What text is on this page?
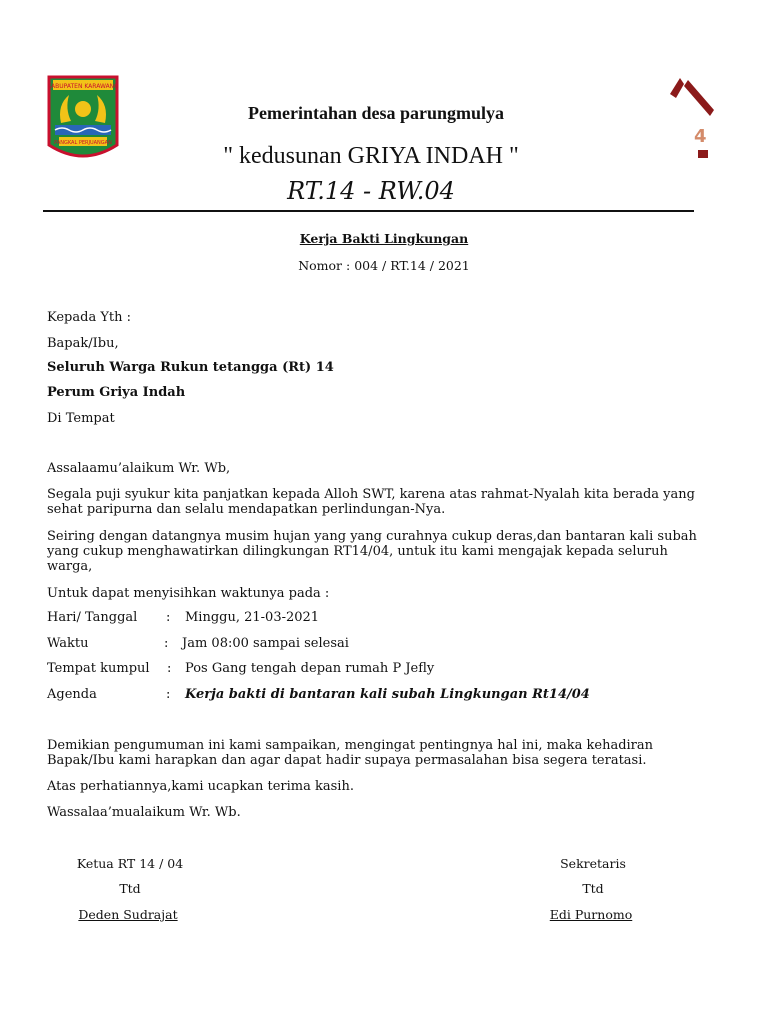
KABUPATEN KARAWANG
PANGKAL PERJUANGAN	4
Pemerintahan desa parungmulya
" kedusunan GRIYA INDAH "
RT.14 - RW.04
Kerja Bakti Lingkungan
Nomor : 004 / RT.14 / 2021
Kepada Yth :
Bapak/Ibu,
Seluruh Warga Rukun tetangga (Rt) 14
Perum Griya Indah
Di Tempat
Assalaamu’alaikum Wr. Wb,
Segala puji syukur kita panjatkan kepada Alloh SWT, karena atas rahmat-Nyalah kita berada yang sehat paripurna dan selalu mendapatkan perlindungan-Nya.
Seiring dengan datangnya musim hujan yang yang curahnya cukup deras,dan bantaran kali subah yang cukup menghawatirkan dilingkungan RT14/04, untuk itu kami mengajak kepada seluruh warga,
Untuk dapat menyisihkan waktunya pada :
Hari/ Tanggal : Minggu, 21-03-2021
Waktu	: Jam 08:00 sampai selesai
Tempat kumpul : Pos Gang tengah depan rumah P Jefly
Agenda	: Kerja bakti di bantaran kali subah Lingkungan Rt14/04
Demikian pengumuman ini kami sampaikan, mengingat pentingnya hal ini, maka kehadiran Bapak/Ibu kami harapkan dan agar dapat hadir supaya permasalahan bisa segera teratasi.
Atas perhatiannya,kami ucapkan terima kasih.
Wassalaa’mualaikum Wr. Wb.
Ketua RT 14 / 04
Ttd
Deden Sudrajat
Sekretaris
Ttd
Edi Purnomo
